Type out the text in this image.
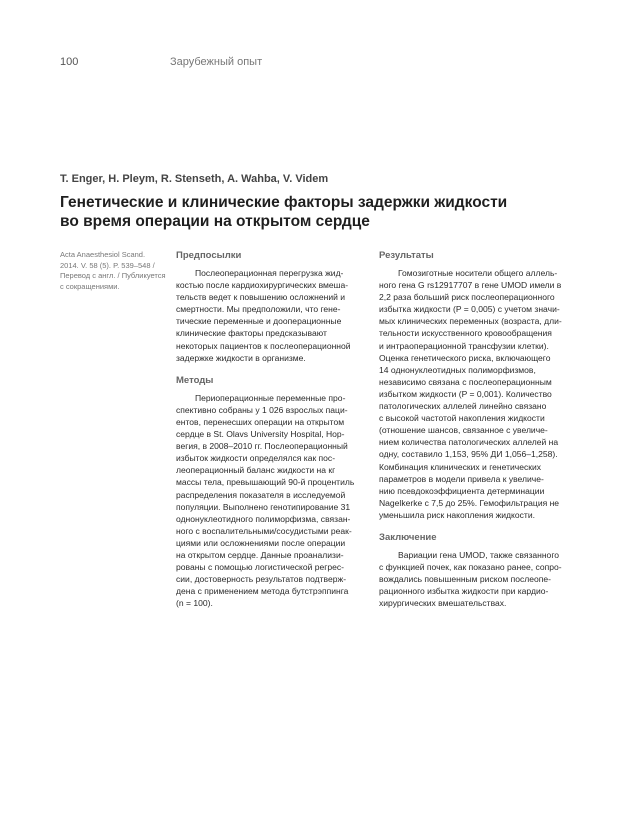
100	Зарубежный опыт
T. Enger, H. Pleym, R. Stenseth, A. Wahba, V. Videm
Генетические и клинические факторы задержки жидкости
во время операции на открытом сердце
Acta Anaesthesiol Scand.
2014. V. 58 (5). P. 539–548 /
Перевод с англ. / Публикуется
с сокращениями.
Предпосылки

Послеоперационная перегрузка жид-
костью после кардиохирургических вмеша-
тельств ведет к повышению осложнений и
смертности. Мы предположили, что гене-
тические переменные и дооперационные
клинические факторы предсказывают
некоторых пациентов к послеоперационной
задержке жидкости в организме.

Методы

Периоперационные переменные про-
спективно собраны у 1 026 взрослых паци-
ентов, перенесших операции на открытом
сердце в St. Olavs University Hospital, Нор-
вегия, в 2008–2010 гг. Послеоперационный
избыток жидкости определялся как пос-
леоперационный баланс жидкости на кг
массы тела, превышающий 90-й процентиль
распределения показателя в исследуемой
популяции. Выполнено генотипирование 31
однонуклеотидного полиморфизма, связан-
ного с воспалительными/сосудистыми реак-
циями или осложнениями после операции
на открытом сердце. Данные проанализи-
рованы с помощью логистической регрес-
сии, достоверность результатов подтверж-
дена с применением метода бутстрэппинга
(n = 100).

Результаты

Гомозиготные носители общего аллель-
ного гена G rs12917707 в гене UMOD имели в
2,2 раза больший риск послеоперационного
избытка жидкости (P = 0,005) с учетом значи-
мых клинических переменных (возраста, дли-
тельности искусственного кровообращения
и интраоперационной трансфузии клетки).
Оценка генетического риска, включающего
14 однонуклеотидных полиморфизмов,
независимо связана с послеоперационным
избытком жидкости (P = 0,001). Количество
патологических аллелей линейно связано
с высокой частотой накопления жидкости
(отношение шансов, связанное с увеличе-
нием количества патологических аллелей на
одну, составило 1,153, 95% ДИ 1,056–1,258).
Комбинация клинических и генетических
параметров в модели привела к увеличе-
нию псевдокоэффициента детерминации
Nagelkerke с 7,5 до 25%. Гемофильтрация не
уменьшила риск накопления жидкости.

Заключение

Вариации гена UMOD, также связанного
с функцией почек, как показано ранее, сопро-
вождались повышенным риском послеопе-
рационного избытка жидкости при кардио-
хирургических вмешательствах.
